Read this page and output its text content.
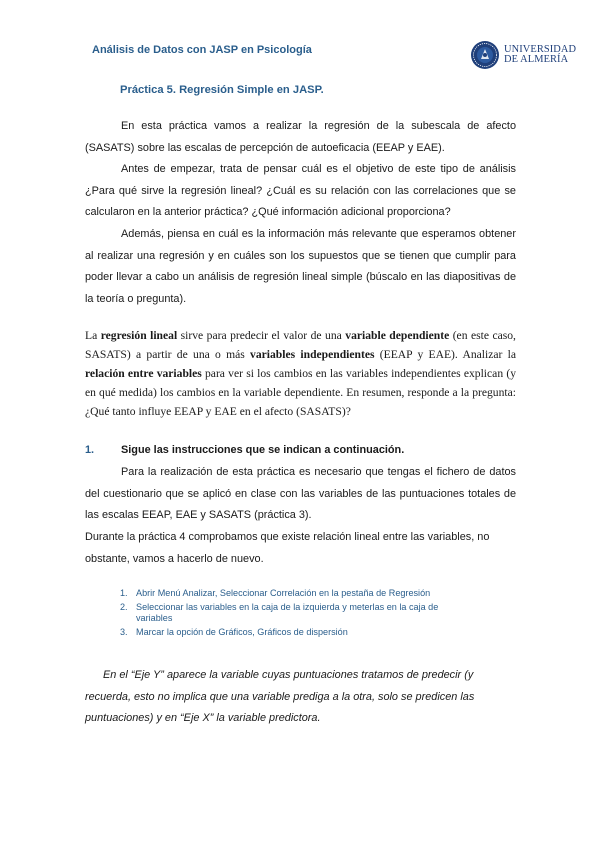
Análisis de Datos con JASP en Psicología	UNIVERSIDAD
DE ALMERÍA
Práctica 5. Regresión Simple en JASP.
En esta práctica vamos a realizar la regresión de la subescala de afecto (SASATS) sobre las escalas de percepción de autoeficacia (EEAP y EAE).
Antes de empezar, trata de pensar cuál es el objetivo de este tipo de análisis ¿Para qué sirve la regresión lineal? ¿Cuál es su relación con las correlaciones que se calcularon en la anterior práctica? ¿Qué información adicional proporciona?
Además, piensa en cuál es la información más relevante que esperamos obtener al realizar una regresión y en cuáles son los supuestos que se tienen que cumplir para poder llevar a cabo un análisis de regresión lineal simple (búscalo en las diapositivas de la teoría o pregunta).
La regresión lineal sirve para predecir el valor de una variable dependiente (en este caso, SASATS) a partir de una o más variables independientes (EEAP y EAE). Analizar la relación entre variables para ver si los cambios en las variables independientes explican (y en qué medida) los cambios en la variable dependiente. En resumen, responde a la pregunta: ¿Qué tanto influye EEAP y EAE en el afecto (SASATS)?
1. Sigue las instrucciones que se indican a continuación.
Para la realización de esta práctica es necesario que tengas el fichero de datos del cuestionario que se aplicó en clase con las variables de las puntuaciones totales de las escalas EEAP, EAE y SASATS (práctica 3).
Durante la práctica 4 comprobamos que existe relación lineal entre las variables, no obstante, vamos a hacerlo de nuevo.
1. Abrir Menú Analizar, Seleccionar Correlación en la pestaña de Regresión
2. Seleccionar las variables en la caja de la izquierda y meterlas en la caja de variables
3. Marcar la opción de Gráficos, Gráficos de dispersión
En el “Eje Y” aparece la variable cuyas puntuaciones tratamos de predecir (y recuerda, esto no implica que una variable prediga a la otra, solo se predicen las puntuaciones) y en “Eje X” la variable predictora.
